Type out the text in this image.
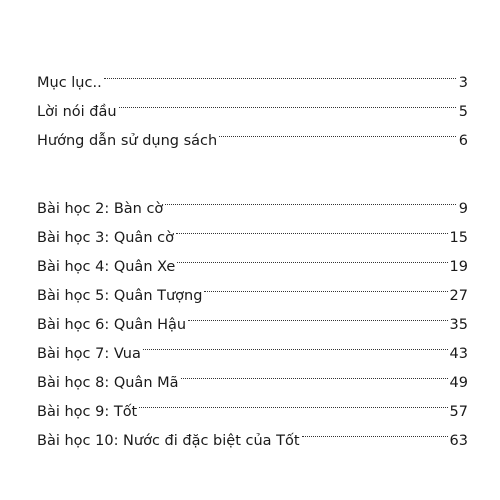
Mục lục..	3
Lời nói đầu	5
Hướng dẫn sử dụng sách	6
Bài học 2: Bàn cờ	9
Bài học 3: Quân cờ	15
Bài học 4: Quân Xe	19
Bài học 5: Quân Tượng	27
Bài học 6: Quân Hậu	35
Bài học 7: Vua	43
Bài học 8: Quân Mã	49
Bài học 9: Tốt	57
Bài học 10: Nước đi đặc biệt của Tốt	63
